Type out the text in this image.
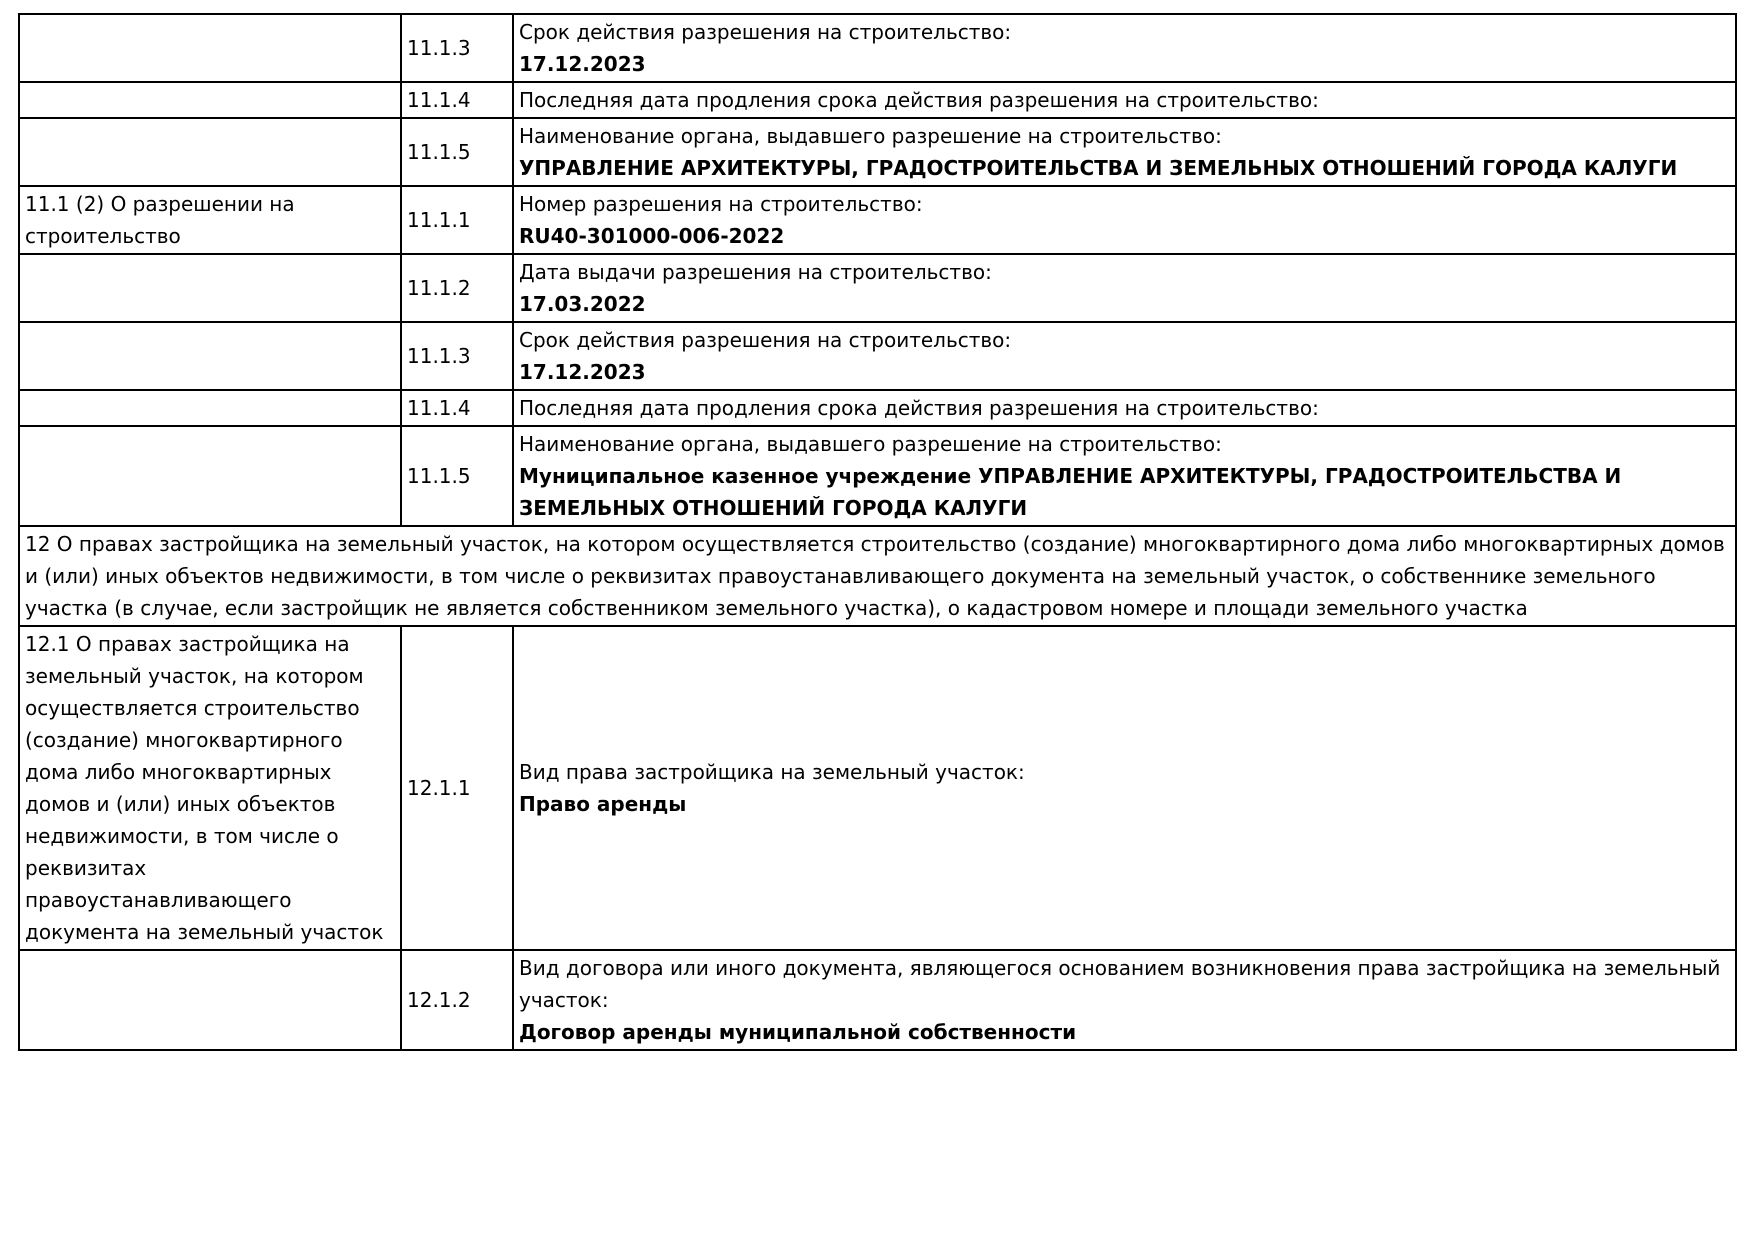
	11.1.3	Срок действия разрешения на строительство:
17.12.2023

	11.1.4	Последняя дата продления срока действия разрешения на строительство:

	11.1.5	Наименование органа, выдавшего разрешение на строительство:
УПРАВЛЕНИЕ АРХИТЕКТУРЫ, ГРАДОСТРОИТЕЛЬСТВА И ЗЕМЕЛЬНЫХ ОТНОШЕНИЙ ГОРОДА КАЛУГИ

11.1 (2) О разрешении на строительство	11.1.1	Номер разрешения на строительство:
RU40-301000-006-2022

	11.1.2	Дата выдачи разрешения на строительство:
17.03.2022

	11.1.3	Срок действия разрешения на строительство:
17.12.2023

	11.1.4	Последняя дата продления срока действия разрешения на строительство:

	11.1.5	Наименование органа, выдавшего разрешение на строительство:
Муниципальное казенное учреждение УПРАВЛЕНИЕ АРХИТЕКТУРЫ, ГРАДОСТРОИТЕЛЬСТВА И ЗЕМЕЛЬНЫХ ОТНОШЕНИЙ ГОРОДА КАЛУГИ

12 О правах застройщика на земельный участок, на котором осуществляется строительство (создание) многоквартирного дома либо многоквартирных домов и (или) иных объектов недвижимости, в том числе о реквизитах правоустанавливающего документа на земельный участок, о собственнике земельного участка (в случае, если застройщик не является собственником земельного участка), о кадастровом номере и площади земельного участка		

12.1 О правах застройщика на земельный участок, на котором осуществляется строительство (создание) многоквартирного дома либо многоквартирных домов и (или) иных объектов недвижимости, в том числе о реквизитах правоустанавливающего документа на земельный участок	12.1.1	Вид права застройщика на земельный участок:
Право аренды

	12.1.2	Вид договора или иного документа, являющегося основанием возникновения права застройщика на земельный участок:
Договор аренды муниципальной собственности
